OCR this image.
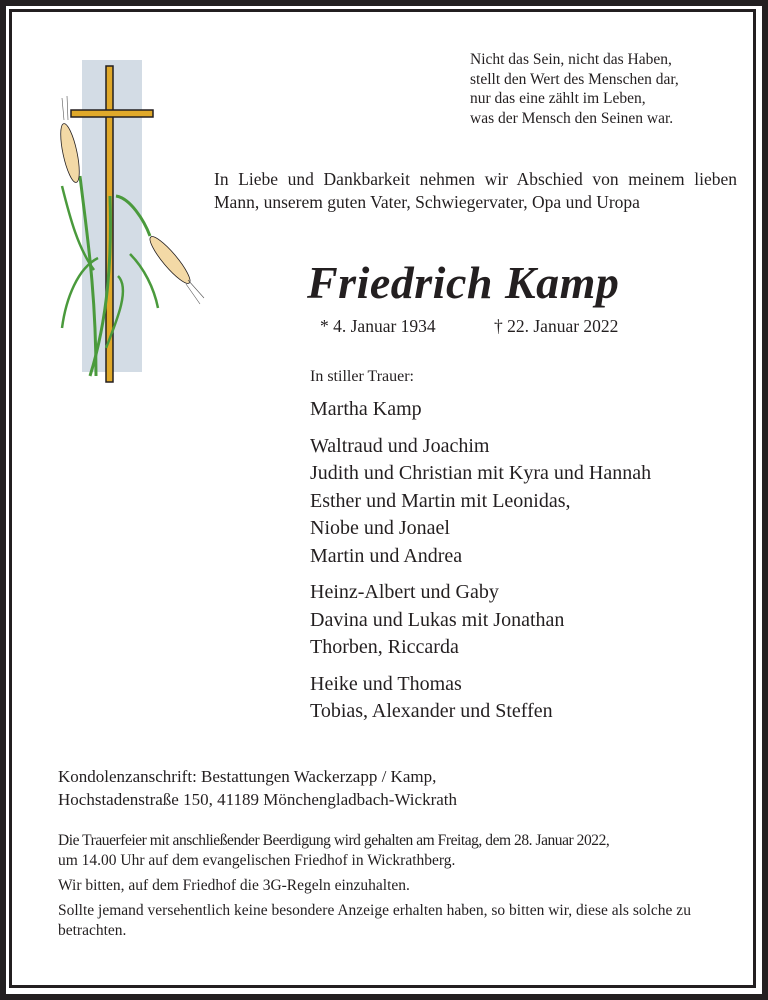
Nicht das Sein, nicht das Haben,
stellt den Wert des Menschen dar,
nur das eine zählt im Leben,
was der Mensch den Seinen war.
In Liebe und Dankbarkeit nehmen wir Abschied von meinem lieben Mann, unserem guten Vater, Schwiegervater, Opa und Uropa
Friedrich Kamp
* 4. Januar 1934	† 22. Januar 2022
In stiller Trauer:
Martha Kamp
Waltraud und Joachim
Judith und Christian mit Kyra und Hannah
Esther und Martin mit Leonidas,
Niobe und Jonael
Martin und Andrea
Heinz-Albert und Gaby
Davina und Lukas mit Jonathan
Thorben, Riccarda
Heike und Thomas
Tobias, Alexander und Steffen
Kondolenzanschrift: Bestattungen Wackerzapp / Kamp,
Hochstadenstraße 150, 41189 Mönchengladbach-Wickrath

Die Trauerfeier mit anschließender Beerdigung wird gehalten am Freitag, dem 28. Januar 2022,
um 14.00 Uhr auf dem evangelischen Friedhof in Wickrathberg.

Wir bitten, auf dem Friedhof die 3G-Regeln einzuhalten.

Sollte jemand versehentlich keine besondere Anzeige erhalten haben, so bitten wir, diese als solche zu betrachten.
